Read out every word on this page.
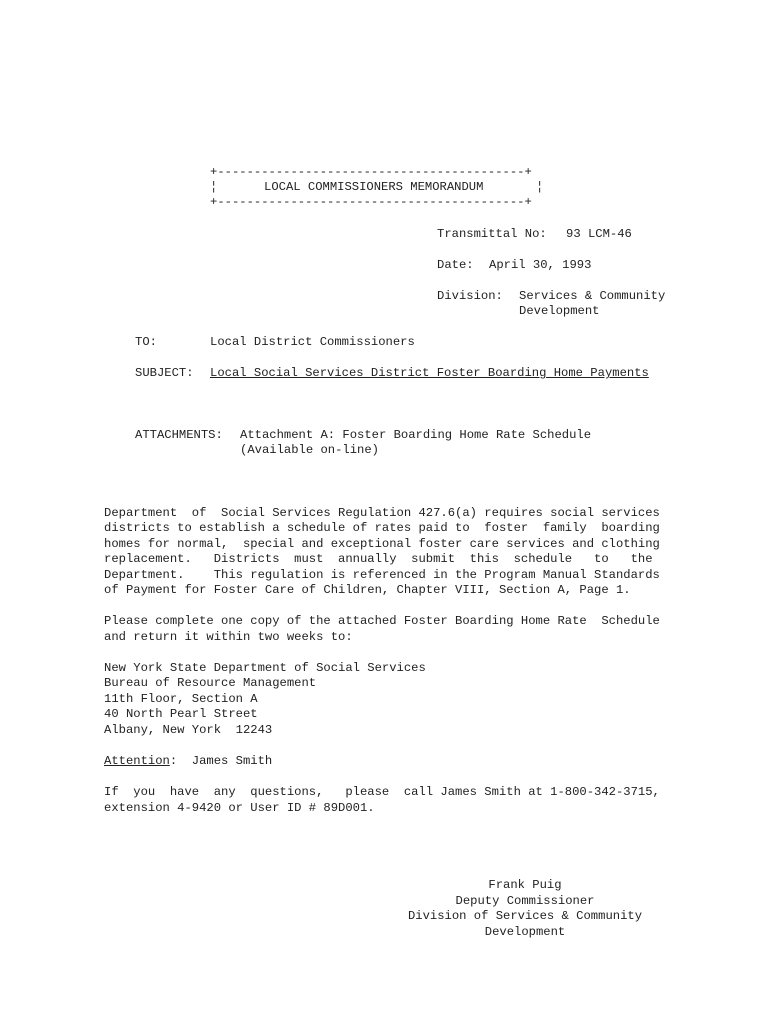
+------------------------------------------+
¦	LOCAL COMMISSIONERS MEMORANDUM	¦
+------------------------------------------+
Transmittal No: 93 LCM-46
Date: April 30, 1993
Division: Services & Community
Development
TO:	Local District Commissioners
SUBJECT: Local Social Services District Foster Boarding Home Payments
ATTACHMENTS: Attachment A: Foster Boarding Home Rate Schedule
(Available on-line)
Department  of  Social Services Regulation 427.6(a) requires social services
districts to establish a schedule of rates paid to  foster  family  boarding
homes for normal,  special and exceptional foster care services and clothing
replacement.   Districts  must  annually  submit  this  schedule   to   the
Department.    This regulation is referenced in the Program Manual Standards
of Payment for Foster Care of Children, Chapter VIII, Section A, Page 1.
Please complete one copy of the attached Foster Boarding Home Rate  Schedule
and return it within two weeks to:
New York State Department of Social Services
Bureau of Resource Management
11th Floor, Section A
40 North Pearl Street
Albany, New York  12243
Attention:  James Smith
If  you  have  any  questions,   please  call James Smith at 1-800-342-3715,
extension 4-9420 or User ID # 89D001.
Frank Puig
Deputy Commissioner
Division of Services & Community
Development
